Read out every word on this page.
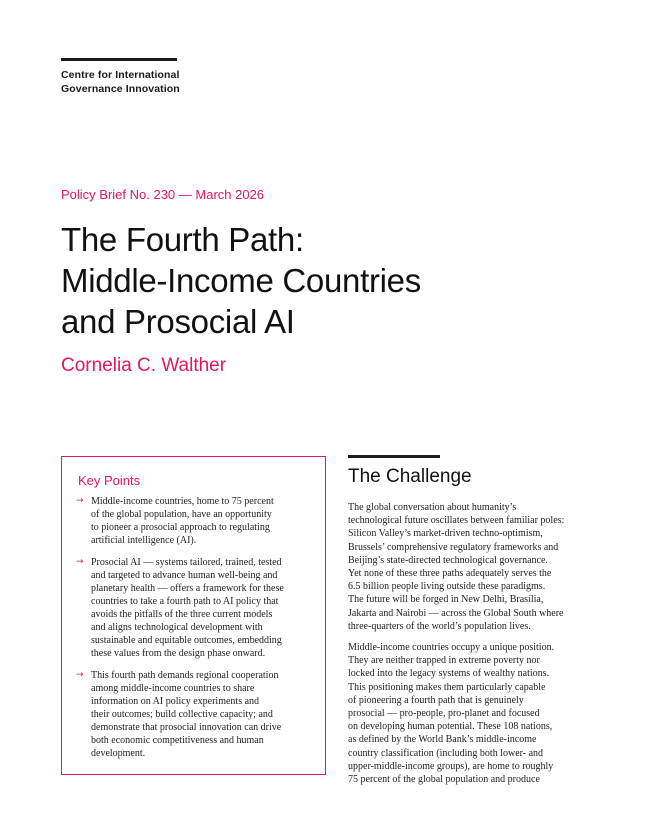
Centre for International
Governance Innovation
Policy Brief No. 230 — March 2026
The Fourth Path:
Middle-Income Countries
and Prosocial AI
Cornelia C. Walther
Key Points
→ Middle-income countries, home to 75 percent
of the global population, have an opportunity
to pioneer a prosocial approach to regulating
artificial intelligence (AI).
→ Prosocial AI — systems tailored, trained, tested
and targeted to advance human well-being and
planetary health — offers a framework for these
countries to take a fourth path to AI policy that
avoids the pitfalls of the three current models
and aligns technological development with
sustainable and equitable outcomes, embedding
these values from the design phase onward.
→ This fourth path demands regional cooperation
among middle-income countries to share
information on AI policy experiments and
their outcomes; build collective capacity; and
demonstrate that prosocial innovation can drive
both economic competitiveness and human
development.
The Challenge

The global conversation about humanity’s
technological future oscillates between familiar poles:
Silicon Valley’s market-driven techno-optimism,
Brussels’ comprehensive regulatory frameworks and
Beijing’s state-directed technological governance.
Yet none of these three paths adequately serves the
6.5 billion people living outside these paradigms.
The future will be forged in New Delhi, Brasília,
Jakarta and Nairobi — across the Global South where
three-quarters of the world’s population lives.

Middle-income countries occupy a unique position.
They are neither trapped in extreme poverty nor
locked into the legacy systems of wealthy nations.
This positioning makes them particularly capable
of pioneering a fourth path that is genuinely
prosocial — pro-people, pro-planet and focused
on developing human potential. These 108 nations,
as defined by the World Bank’s middle-income
country classification (including both lower- and
upper-middle-income groups), are home to roughly
75 percent of the global population and produce
